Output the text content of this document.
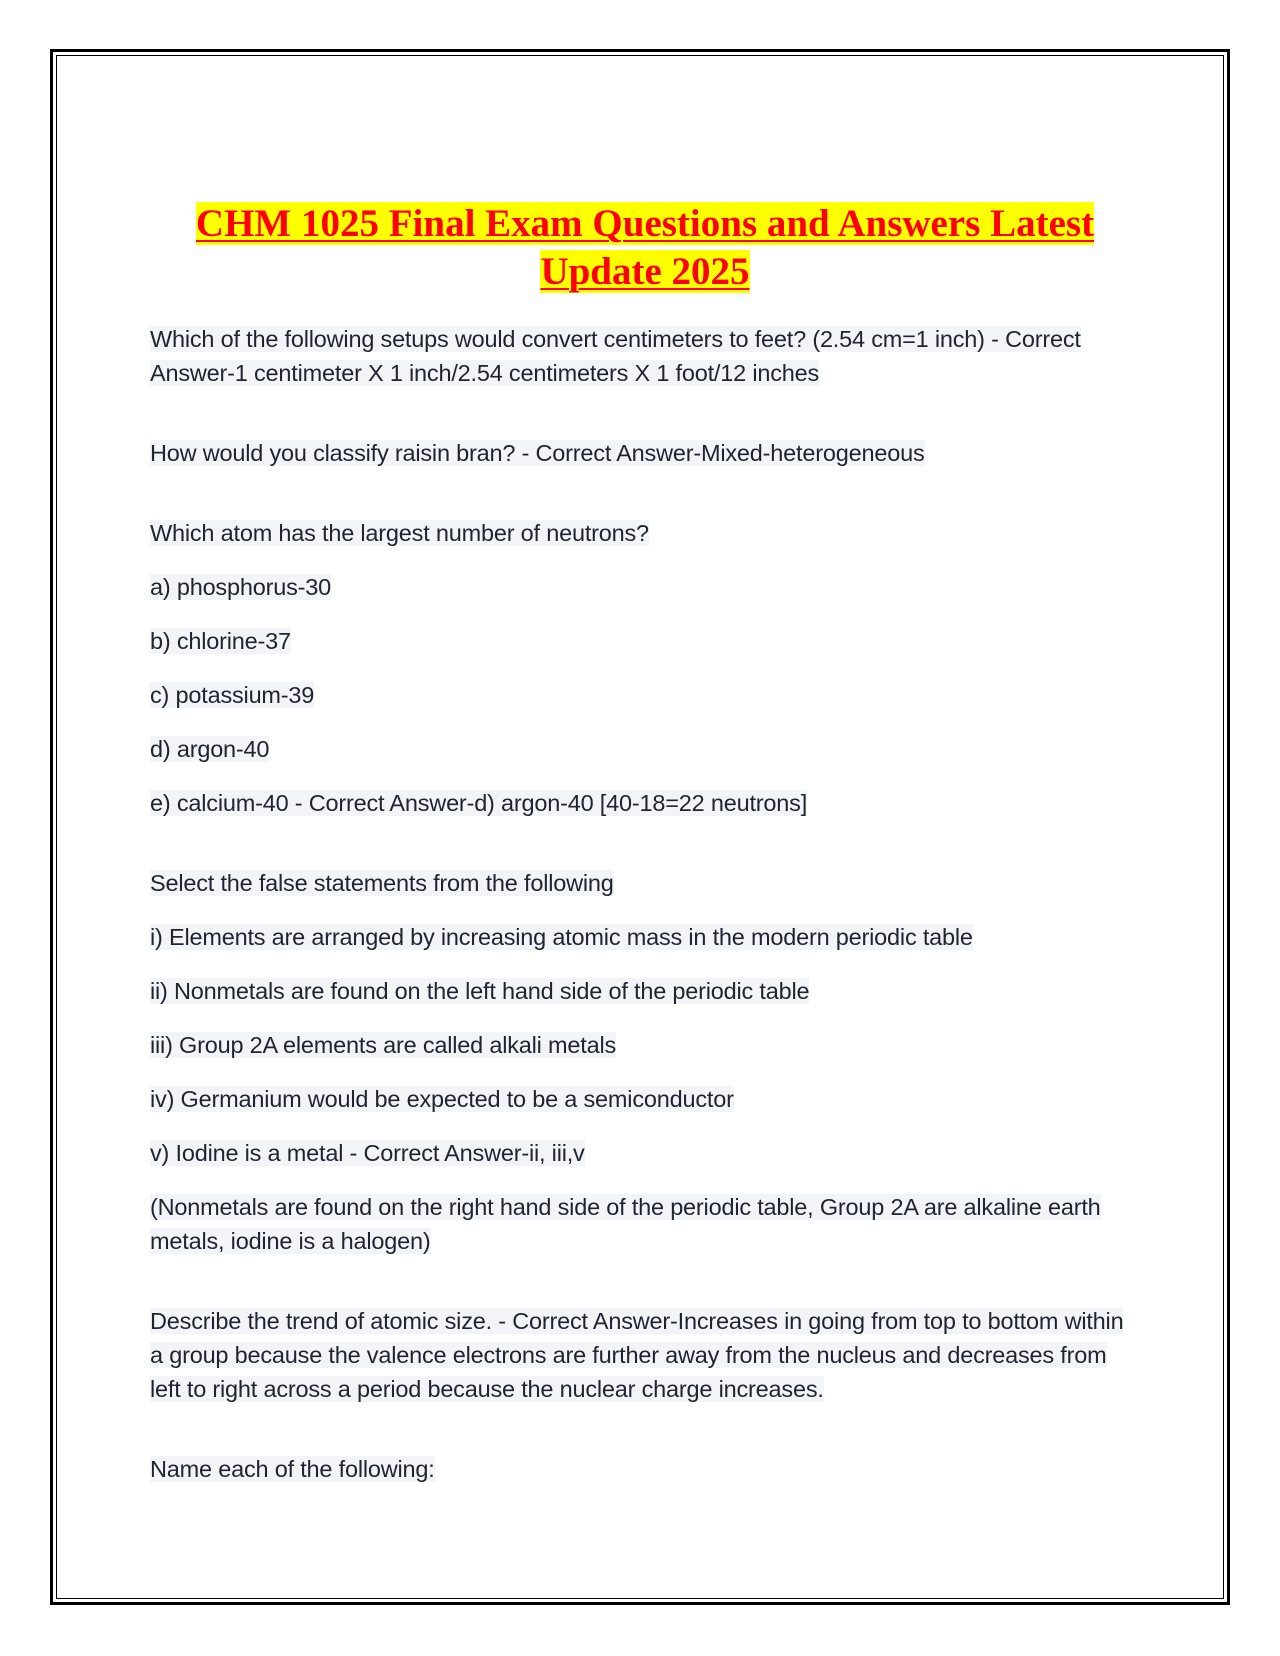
CHM 1025 Final Exam Questions and Answers Latest Update 2025

Which of the following setups would convert centimeters to feet? (2.54 cm=1 inch) - Correct Answer-1 centimeter X 1 inch/2.54 centimeters X 1 foot/12 inches

How would you classify raisin bran? - Correct Answer-Mixed-heterogeneous

Which atom has the largest number of neutrons?

a) phosphorus-30

b) chlorine-37

c) potassium-39

d) argon-40

e) calcium-40 - Correct Answer-d) argon-40 [40-18=22 neutrons]

Select the false statements from the following

i) Elements are arranged by increasing atomic mass in the modern periodic table

ii) Nonmetals are found on the left hand side of the periodic table

iii) Group 2A elements are called alkali metals

iv) Germanium would be expected to be a semiconductor

v) Iodine is a metal - Correct Answer-ii, iii,v

(Nonmetals are found on the right hand side of the periodic table, Group 2A are alkaline earth metals, iodine is a halogen)

Describe the trend of atomic size. - Correct Answer-Increases in going from top to bottom within a group because the valence electrons are further away from the nucleus and decreases from left to right across a period because the nuclear charge increases.

Name each of the following:
